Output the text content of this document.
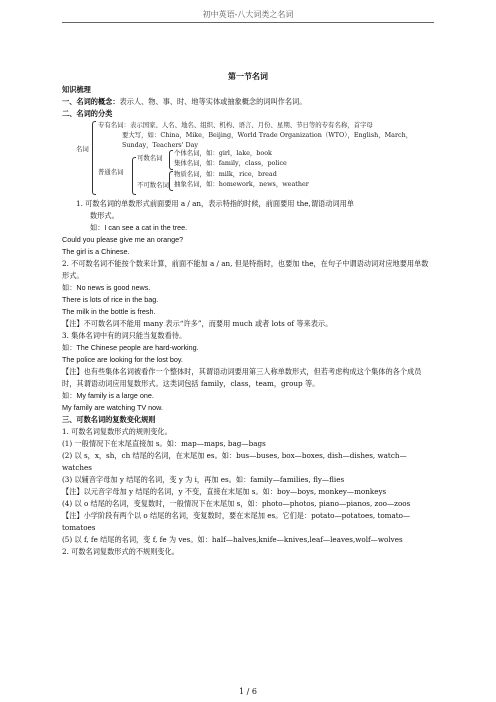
初中英语-八大词类之名词
第一节名词

知识梳理

一、名词的概念：表示人、物、事、时、地等实体或抽象概念的词叫作名词。

二、名词的分类

名词
专有名词：表示国家、人名、地名、组织、机构、语言、月份、星期、节日等的专有名称，首字母
要大写，如：China，Mike，Beijing，World Trade Organization（WTO），English，March，
Sunday，Teachers' Day
普通名词
可数名词
个体名词，如：girl，lake，book
集体名词，如：family，class，police
不可数名词
物质名词，如：milk，rice，bread
抽象名词，如：homework，news，weather

1. 可数名词的单数形式前面要用 a / an，表示特指的时候，前面要用 the,谓语动词用单

数形式。

如：I can see a cat in the tree.

Could you please give me an orange?

The girl is a Chinese.

2. 不可数名词不能按个数来计算，前面不能加 a / an, 但是特指时，也要加 the，在句子中谓语动词对应地要用单数形式。

如：No news is good news.

There is lots of rice in the bag.

The milk in the bottle is fresh.

【注】不可数名词不能用 many 表示“许多”，而要用 much 或者 lots of 等来表示。

3. 集体名词中有的词只能当复数看待。

如：The Chinese people are hard-working.

The police are looking for the lost boy.

【注】也有些集体名词被看作一个整体时，其谓语动词要用第三人称单数形式，但若考虑构成这个集体的各个成员时，其谓语动词应用复数形式。这类词包括 family，class，team，group 等。

如：My family is a large one.

My family are watching TV now.

三、可数名词的复数变化规则

1. 可数名词复数形式的规则变化。

(1) 一般情况下在末尾直接加 s。如：map—maps, bag—bags

(2) 以 s，x，sh，ch 结尾的名词，在末尾加 es。如：bus—buses, box—boxes, dish—dishes, watch—watches

(3) 以辅音字母加 y 结尾的名词，变 y 为 i，再加 es。如：family—families, fly—flies

【注】以元音字母加 y 结尾的名词，y 不变，直接在末尾加 s。如：boy—boys, monkey—monkeys

(4) 以 o 结尾的名词，变复数时，一般情况下在末尾加 s，如：photo—photos, piano—pianos, zoo—zoos

【注】小学阶段有两个以 o 结尾的名词，变复数时，要在末尾加 es。它们是：potato—potatoes, tomato—tomatoes

(5) 以 f, fe 结尾的名词，变 f, fe 为 ves。如：half—halves,knife—knives,leaf—leaves,wolf—wolves

2. 可数名词复数形式的不规则变化。

1 / 6
